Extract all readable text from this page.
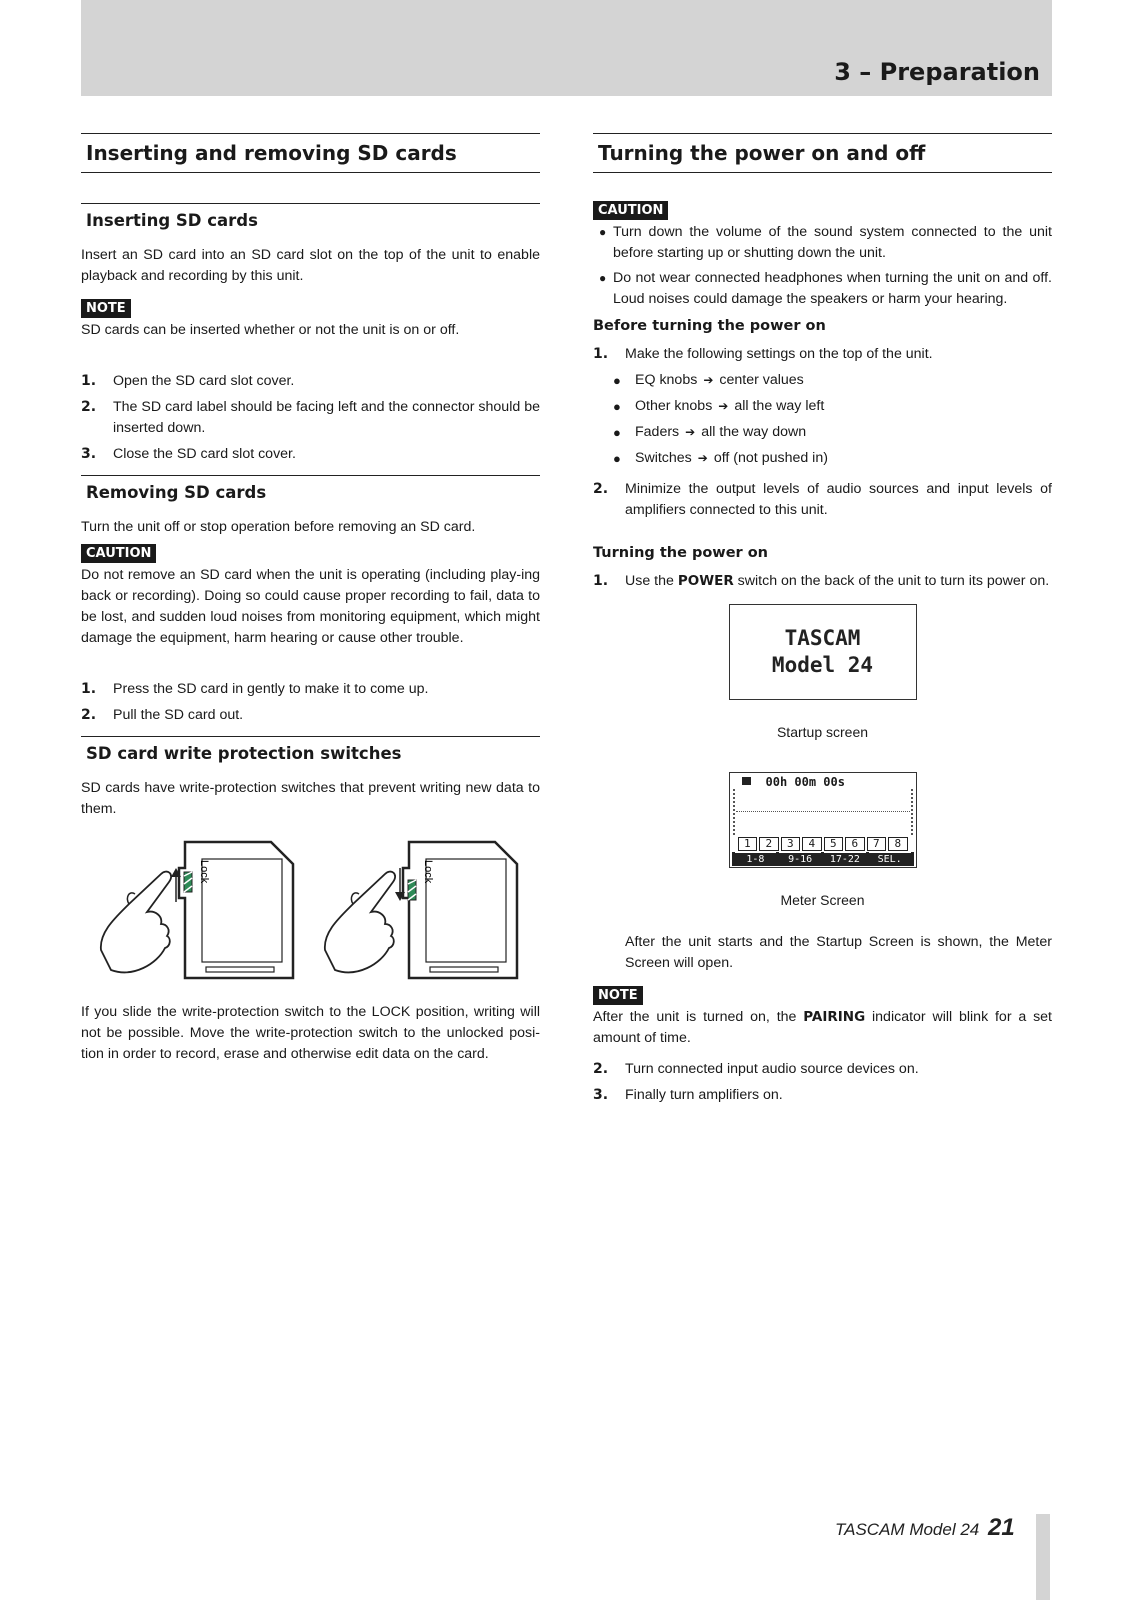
3 – Preparation
Inserting and removing SD cards
Inserting SD cards

Insert an SD card into an SD card slot on the top of the unit to enable playback and recording by this unit.

NOTE

SD cards can be inserted whether or not the unit is on or off.

1.	Open the SD card slot cover.
2.	The SD card label should be facing left and the connector should be inserted down.
3.	Close the SD card slot cover.
Removing SD cards

Turn the unit off or stop operation before removing an SD card.

CAUTION

Do not remove an SD card when the unit is operating (including play-ing back or recording). Doing so could cause proper recording to fail, data to be lost, and sudden loud noises from monitoring equipment, which might damage the equipment, harm hearing or cause other trouble.

1.	Press the SD card in gently to make it to come up.
2.	Pull the SD card out.
SD card write protection switches

SD cards have write-protection switches that prevent writing new data to them.

Lock	Lock

If you slide the write-protection switch to the LOCK position, writing will not be possible. Move the write-protection switch to the unlocked posi-tion in order to record, erase and otherwise edit data on the card.

Turning the power on and off
CAUTION
● Turn down the volume of the sound system connected to the unit before starting up or shutting down the unit.
● Do not wear connected headphones when turning the unit on and off. Loud noises could damage the speakers or harm your hearing.
Before turning the power on
1.	Make the following settings on the top of the unit.
● EQ knobs ➔ center values
● Other knobs ➔ all the way left
● Faders ➔ all the way down
● Switches ➔ off (not pushed in)
2.	Minimize the output levels of audio sources and input levels of amplifiers connected to this unit.
Turning the power on
1.	Use the POWER switch on the back of the unit to turn its power on.
TASCAM
Model 24
Startup screen
00h 00m 00s
1	2	3	4	5	6	7	8
1-8	9-16	17-22	SEL.
Meter Screen

After the unit starts and the Startup Screen is shown, the Meter Screen will open.

NOTE

After the unit is turned on, the PAIRING indicator will blink for a set amount of time.

2.	Turn connected input audio source devices on.
3.	Finally turn amplifiers on.
TASCAM Model 24 21
